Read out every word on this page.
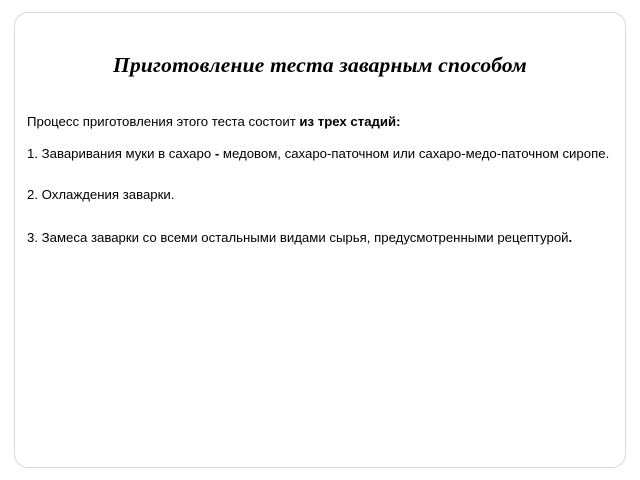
Приготовление теста заварным способом

Процесс приготовления этого теста состоит из трех стадий:

1. Заваривания муки в сахаро - медовом, сахаро-паточном или сахаро-медо-паточном сиропе.

2. Охлаждения заварки.

3. Замеса заварки со всеми остальными видами сырья, предусмотренными рецептурой.
